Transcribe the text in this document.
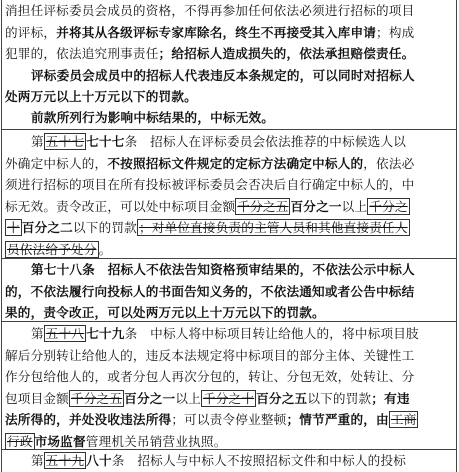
消担任评标委员会成员的资格，不得再参加任何依法必须进行招标的项目
的评标，并将其从各级评标专家库除名，终生不再接受其入库申请；构成
犯罪的，依法追究刑事责任；给招标人造成损失的，依法承担赔偿责任。
评标委员会成员中的招标人代表违反本条规定的，可以同时对招标人
处两万元以上十万元以下的罚款。
前款所列行为影响中标结果的，中标无效。
第 五十七 七十七条　招标人在评标委员会依法推荐的中标候选人以
外确定中标人的，不按照招标文件规定的定标方法确定中标人的，依法必
须进行招标的项目在所有投标被评标委员会否决后自行确定中标人的，中
标无效。责令改正，可以处中标项目金额 千分之五 百分之一以上 千分之
十 百分之二以下的罚款 ；对单位直接负责的主管人员和其他直接责任人
员依法给予处分 。
第七十八条　招标人不依法告知资格预审结果的，不依法公示中标人
的，不依法履行向投标人的书面告知义务的，不依法通知或者公告中标结
果的，责令改正，可以处两万元以上十万元以下的罚款。
第 五十八 七十九条　中标人将中标项目转让给他人的，将中标项目肢
解后分别转让给他人的，违反本法规定将中标项目的部分主体、关键性工
作分包给他人的，或者分包人再次分包的，转让、分包无效，处转让、分
包项目金额 千分之五 百分之一以上 千分之十 百分之五以下的罚款；有违
法所得的，并处没收违法所得；可以责令停业整顿；情节严重的，由 工商
行政 市场监督管理机关吊销营业执照。
第 五十九 八十条　招标人与中标人不按照招标文件和中标人的投标
